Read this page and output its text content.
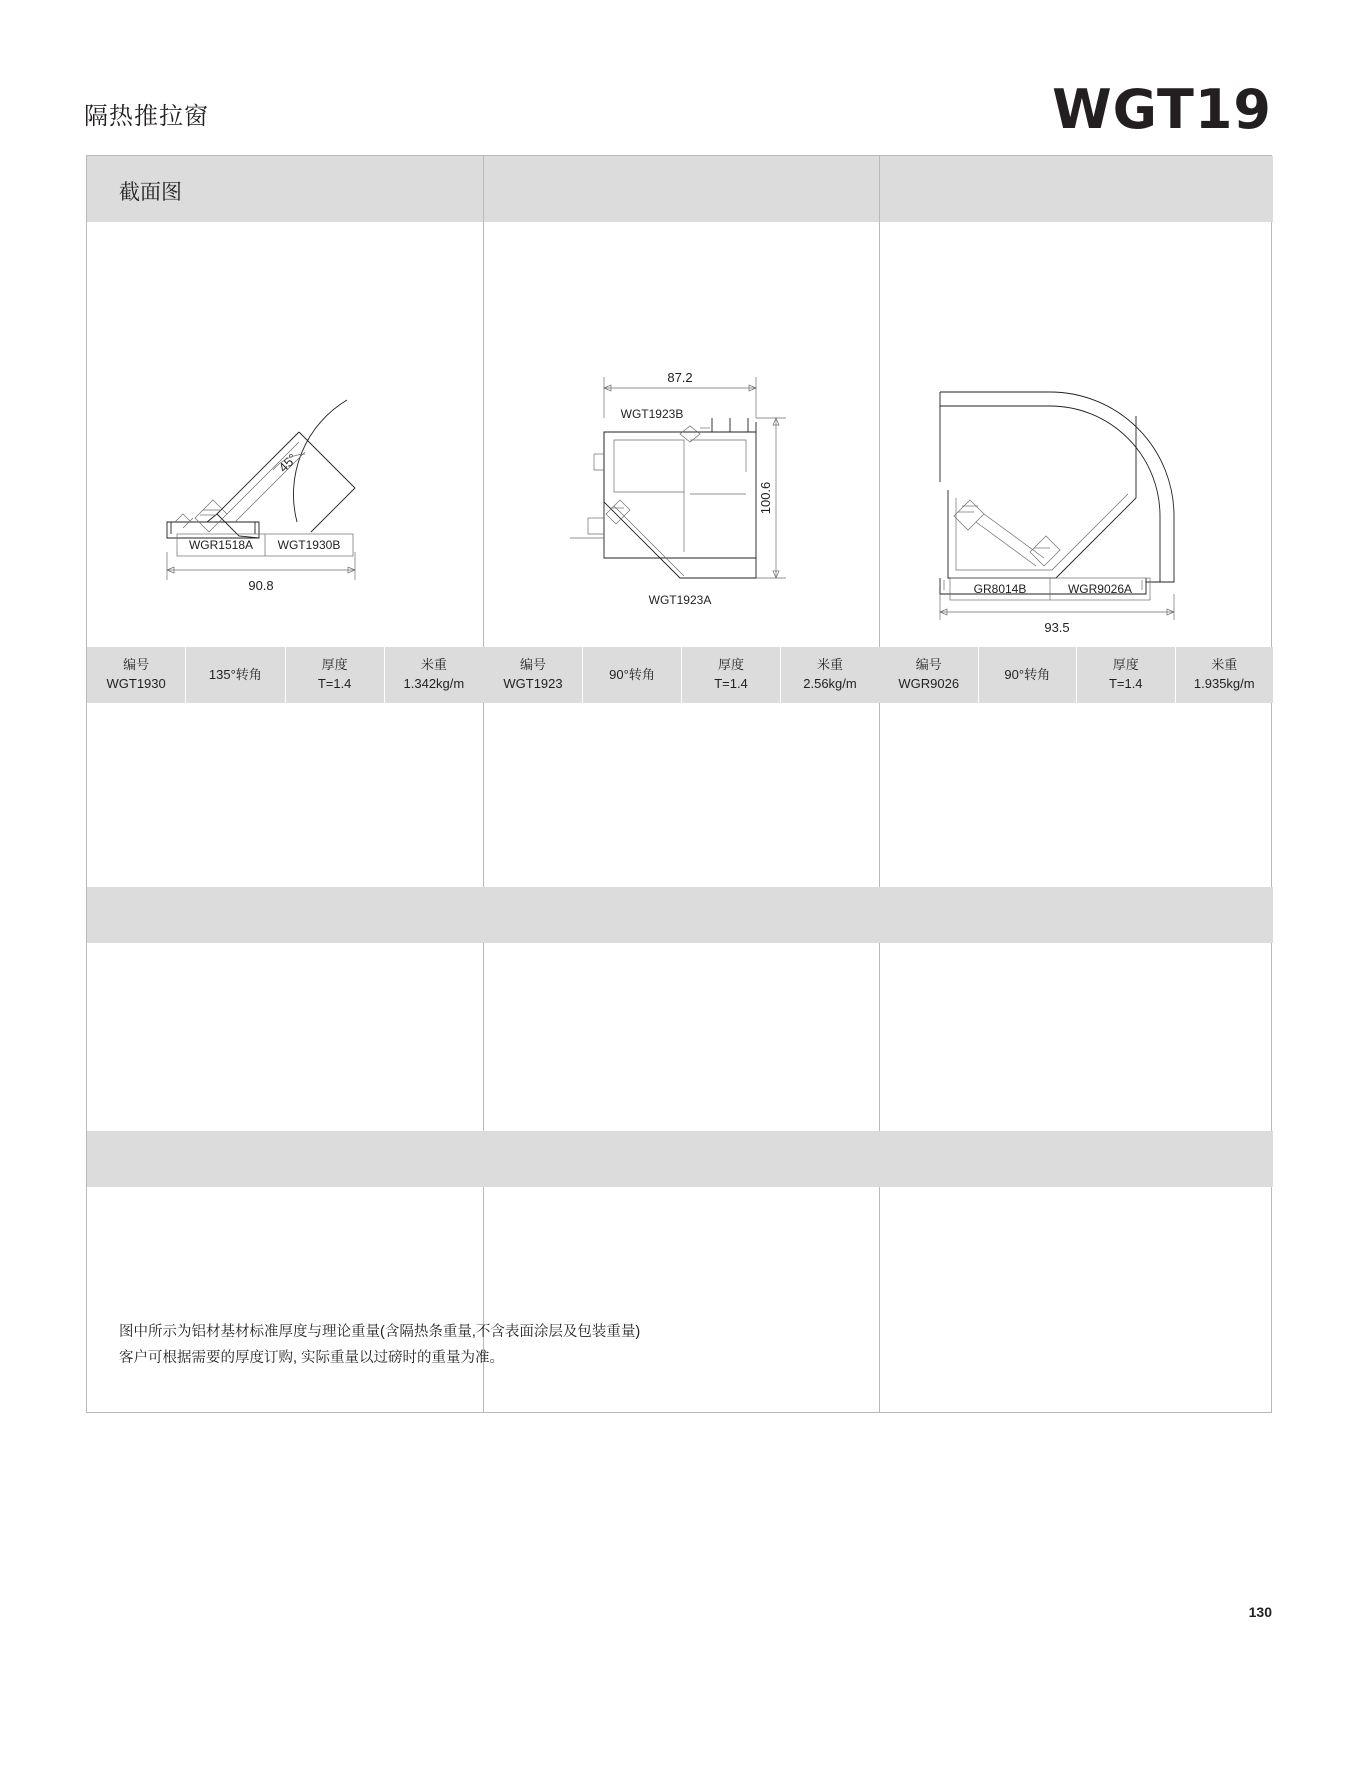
隔热推拉窗	WGT19
截面图
45°
90.8
WGR1518A WGT1930B
87.2
100.6
WGT1923A
WGT1923B
GR8014B	WGR9026A
93.5
编号
WGT1930
135°转角
厚度
T=1.4
米重
1.342kg/m
编号
WGT1923
90°转角
厚度
T=1.4
米重
2.56kg/m
编号
WGR9026
90°转角
厚度
T=1.4
米重
1.935kg/m
图中所示为铝材基材标准厚度与理论重量(含隔热条重量,不含表面涂层及包装重量)
客户可根据需要的厚度订购, 实际重量以过磅时的重量为准。
130
